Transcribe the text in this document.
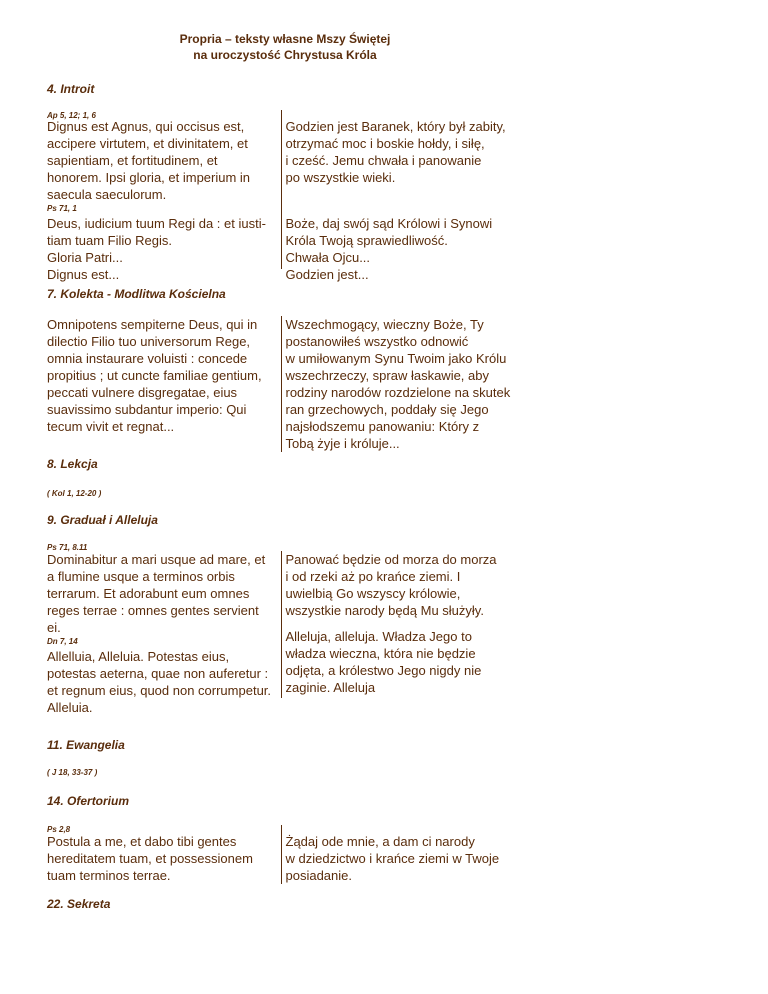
Propria – teksty własne Mszy Świętej
na uroczystość Chrystusa Króla
4. Introit
Ap 5, 12; 1, 6
Dignus est Agnus, qui occisus est,
accipere virtutem, et divinitatem, et
sapientiam, et fortitudinem, et
honorem. Ipsi gloria, et imperium in
saecula saeculorum.
Ps 71, 1
Deus, iudicium tuum Regi da : et iusti-
tiam tuam Filio Regis.
Gloria Patri...
Dignus est...
Godzien jest Baranek, który był zabity,
otrzymać moc i boskie hołdy, i siłę,
i cześć. Jemu chwała i panowanie
po wszystkie wieki.
Boże, daj swój sąd Królowi i Synowi
Króla Twoją sprawiedliwość.
Chwała Ojcu...
Godzien jest...
7. Kolekta - Modlitwa Kościelna
Omnipotens sempiterne Deus, qui in
dilectio Filio tuo universorum Rege,
omnia instaurare voluisti : concede
propitius ; ut cuncte familiae gentium,
peccati vulnere disgregatae, eius
suavissimo subdantur imperio: Qui
tecum vivit et regnat...
Wszechmogący, wieczny Boże, Ty
postanowiłeś wszystko odnowić
w umiłowanym Synu Twoim jako Królu
wszechrzeczy, spraw łaskawie, aby
rodziny narodów rozdzielone na skutek
ran grzechowych, poddały się Jego
najsłodszemu panowaniu: Który z
Tobą żyje i króluje...
8. Lekcja
( Kol 1, 12-20 )
9. Graduał i Alleluja
Ps 71, 8.11
Dominabitur a mari usque ad mare, et
a flumine usque a terminos orbis
terrarum. Et adorabunt eum omnes
reges terrae : omnes gentes servient
ei.
Dn 7, 14
Allelluia, Alleluia. Potestas eius,
potestas aeterna, quae non auferetur :
et regnum eius, quod non corrumpetur.
Alleluia.
Panować będzie od morza do morza
i od rzeki aż po krańce ziemi. I
uwielbią Go wszyscy królowie,
wszystkie narody będą Mu służyły.
Alleluja, alleluja. Władza Jego to
władza wieczna, która nie będzie
odjęta, a królestwo Jego nigdy nie
zaginie. Alleluja
11. Ewangelia
( J 18, 33-37 )
14. Ofertorium
Ps 2,8
Postula a me, et dabo tibi gentes
hereditatem tuam, et possessionem
tuam terminos terrae.
Żądaj ode mnie, a dam ci narody
w dziedzictwo i krańce ziemi w Twoje
posiadanie.
22. Sekreta
